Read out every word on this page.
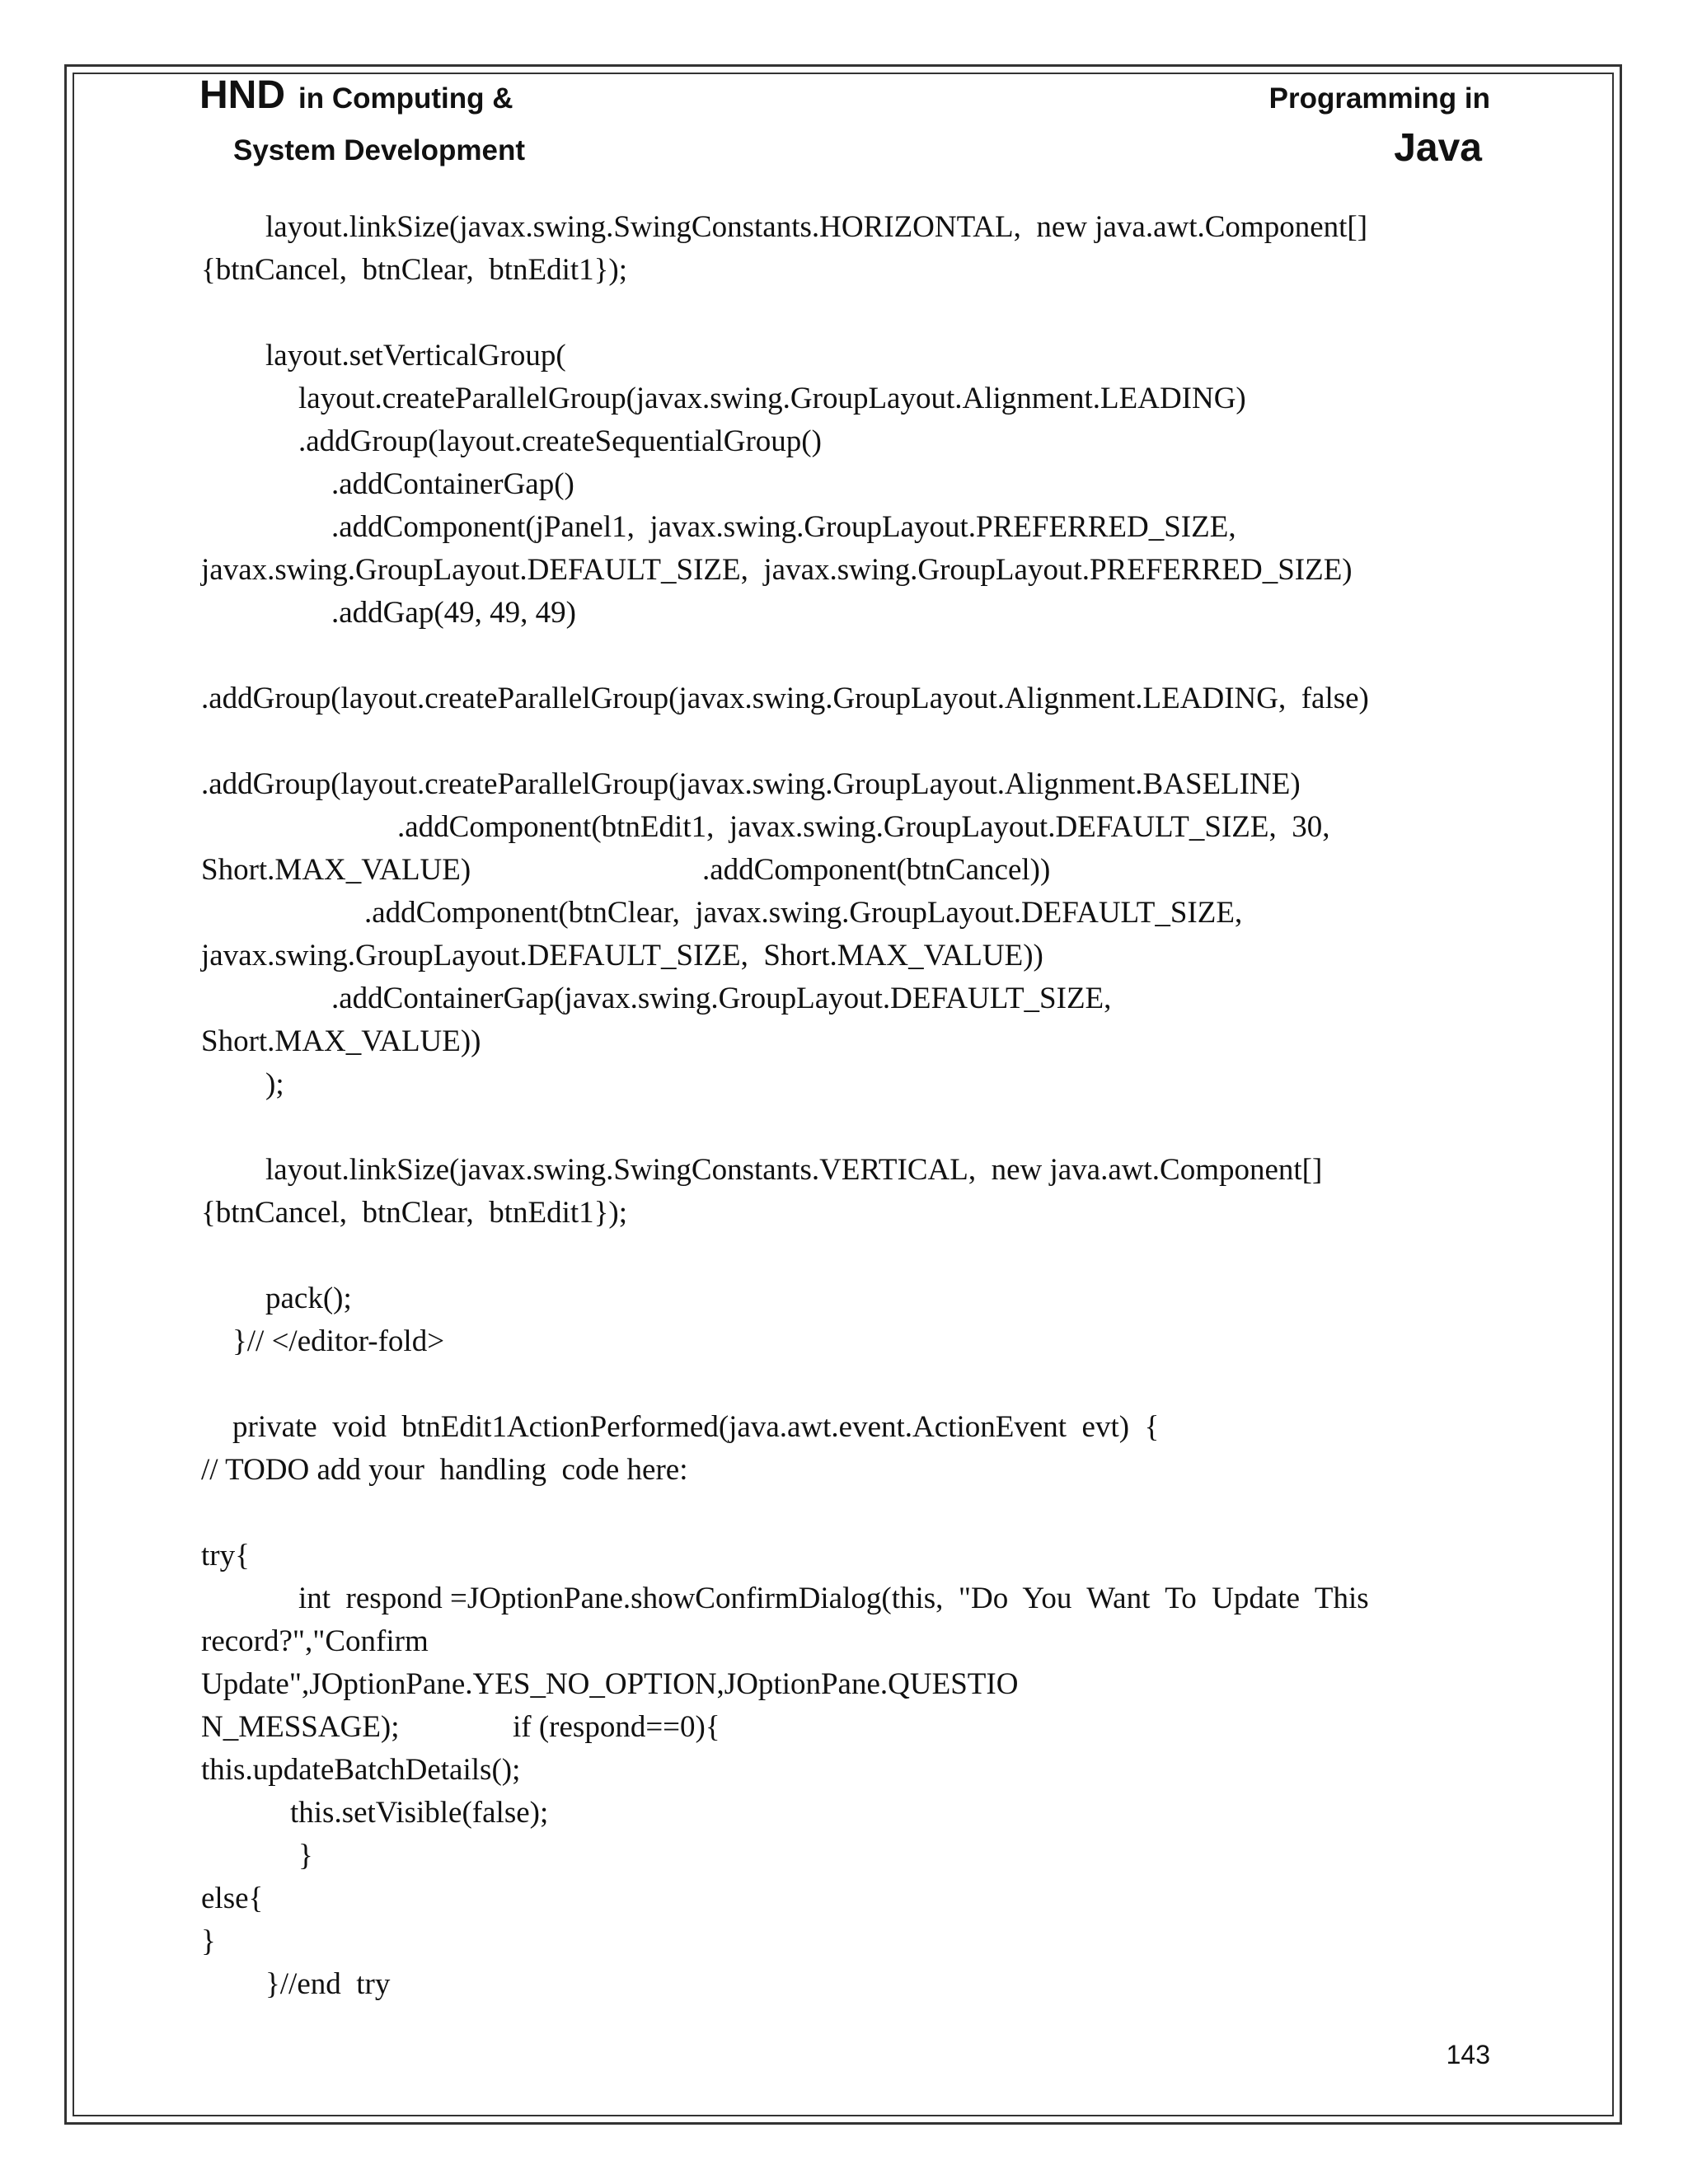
HND in Computing &
System Development
Programming in
Java
layout.linkSize(javax.swing.SwingConstants.HORIZONTAL,  new java.awt.Component[]
{btnCancel,  btnClear,  btnEdit1});
layout.setVerticalGroup(
layout.createParallelGroup(javax.swing.GroupLayout.Alignment.LEADING)
.addGroup(layout.createSequentialGroup()
.addContainerGap()
.addComponent(jPanel1,  javax.swing.GroupLayout.PREFERRED_SIZE,
javax.swing.GroupLayout.DEFAULT_SIZE,  javax.swing.GroupLayout.PREFERRED_SIZE)
.addGap(49, 49, 49)
.addGroup(layout.createParallelGroup(javax.swing.GroupLayout.Alignment.LEADING,  false)
.addGroup(layout.createParallelGroup(javax.swing.GroupLayout.Alignment.BASELINE)
.addComponent(btnEdit1,  javax.swing.GroupLayout.DEFAULT_SIZE,  30,
Short.MAX_VALUE)	.addComponent(btnCancel))
.addComponent(btnClear,  javax.swing.GroupLayout.DEFAULT_SIZE,
javax.swing.GroupLayout.DEFAULT_SIZE,  Short.MAX_VALUE))
.addContainerGap(javax.swing.GroupLayout.DEFAULT_SIZE,
Short.MAX_VALUE))
);
layout.linkSize(javax.swing.SwingConstants.VERTICAL,  new java.awt.Component[]
{btnCancel,  btnClear,  btnEdit1});
pack();
}// </editor-fold>
private  void  btnEdit1ActionPerformed(java.awt.event.ActionEvent  evt)  {
// TODO add your  handling  code here:
try{
int  respond =JOptionPane.showConfirmDialog(this,  "Do  You  Want  To  Update  This
record?","Confirm
Update",JOptionPane.YES_NO_OPTION,JOptionPane.QUESTIO
N_MESSAGE);	if (respond==0){
this.updateBatchDetails();
this.setVisible(false);
}
else{
}
}//end  try
143
